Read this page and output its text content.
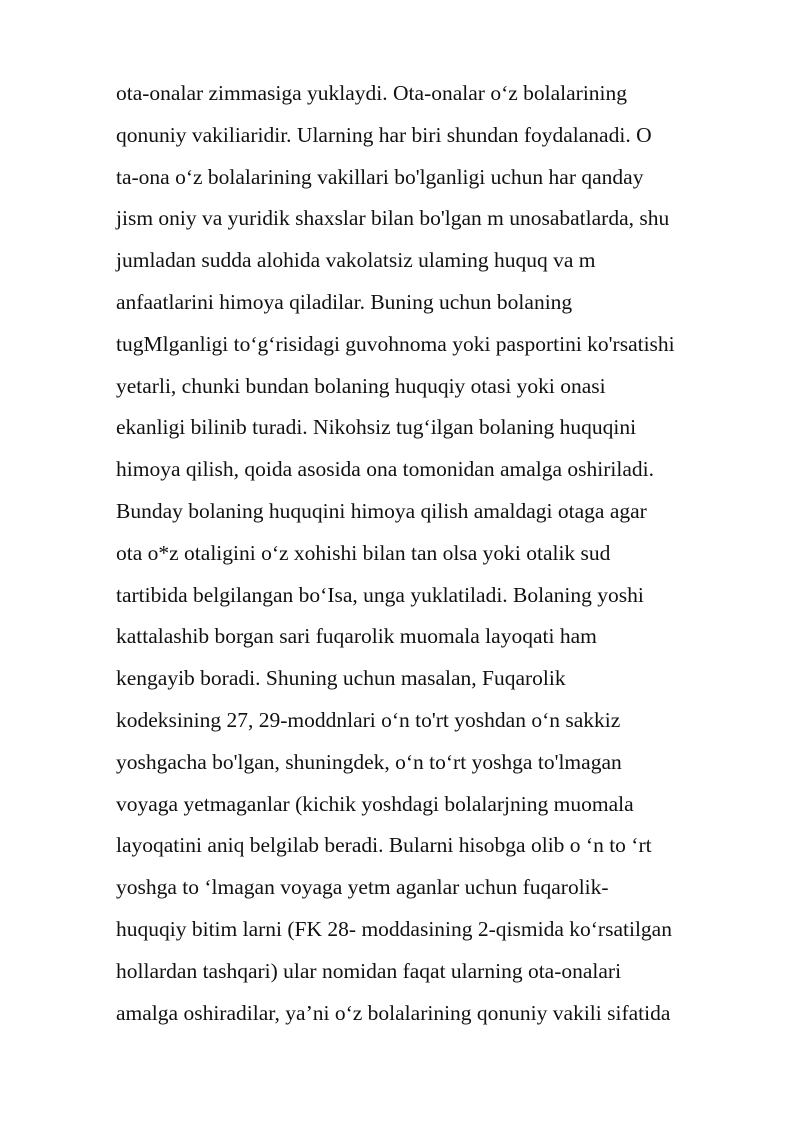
ota-onalar zimmasiga yuklaydi. Ota-onalar o‘z bolalarining
qonuniy vakiliaridir. Ularning har biri shundan foydalanadi. O
ta-ona o‘z bolalarining vakillari bo'lganligi uchun har qanday
jism oniy va yuridik shaxslar bilan bo'lgan m unosabatlarda, shu
jumladan sudda alohida vakolatsiz ulaming huquq va m
anfaatlarini himoya qiladilar. Buning uchun bolaning
tugMlganligi to‘g‘risidagi guvohnoma yoki pasportini ko'rsatishi
yetarli, chunki bundan bolaning huquqiy otasi yoki onasi
ekanligi bilinib turadi. Nikohsiz tug‘ilgan bolaning huquqini
himoya qilish, qoida asosida ona tomonidan amalga oshiriladi.
Bunday bolaning huquqini himoya qilish amaldagi otaga agar
ota o*z otaligini o‘z xohishi bilan tan olsa yoki otalik sud
tartibida belgilangan bo‘Isa, unga yuklatiladi. Bolaning yoshi
kattalashib borgan sari fuqarolik muomala layoqati ham
kengayib boradi. Shuning uchun masalan, Fuqarolik
kodeksining 27, 29-moddnlari o‘n to'rt yoshdan o‘n sakkiz
yoshgacha bo'lgan, shuningdek, o‘n to‘rt yoshga to'lmagan
voyaga yetmaganlar (kichik yoshdagi bolalarjning muomala
layoqatini aniq belgilab beradi. Bularni hisobga olib o ‘n to ‘rt
yoshga to ‘lmagan voyaga yetm aganlar uchun fuqarolik-
huquqiy bitim larni (FK 28- moddasining 2-qismida ko‘rsatilgan
hollardan tashqari) ular nomidan faqat ularning ota-onalari
amalga oshiradilar, ya’ni o‘z bolalarining qonuniy vakili sifatida
